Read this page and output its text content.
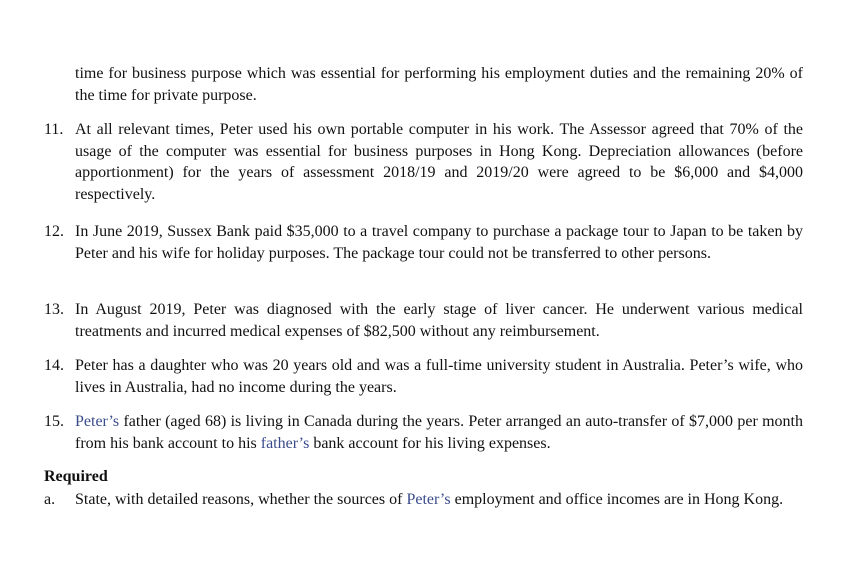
time for business purpose which was essential for performing his employment duties and the remaining 20% of the time for private purpose.
11. At all relevant times, Peter used his own portable computer in his work. The Assessor agreed that 70% of the usage of the computer was essential for business purposes in Hong Kong. Depreciation allowances (before apportionment) for the years of assessment 2018/19 and 2019/20 were agreed to be $6,000 and $4,000 respectively.
12. In June 2019, Sussex Bank paid $35,000 to a travel company to purchase a package tour to Japan to be taken by Peter and his wife for holiday purposes. The package tour could not be transferred to other persons.
13. In August 2019, Peter was diagnosed with the early stage of liver cancer. He underwent various medical treatments and incurred medical expenses of $82,500 without any reimbursement.
14. Peter has a daughter who was 20 years old and was a full-time university student in Australia. Peter’s wife, who lives in Australia, had no income during the years.
15. Peter’s father (aged 68) is living in Canada during the years. Peter arranged an auto-transfer of $7,000 per month from his bank account to his father’s bank account for his living expenses.
Required
a.	State, with detailed reasons, whether the sources of Peter’s employment and office incomes are in Hong Kong.
